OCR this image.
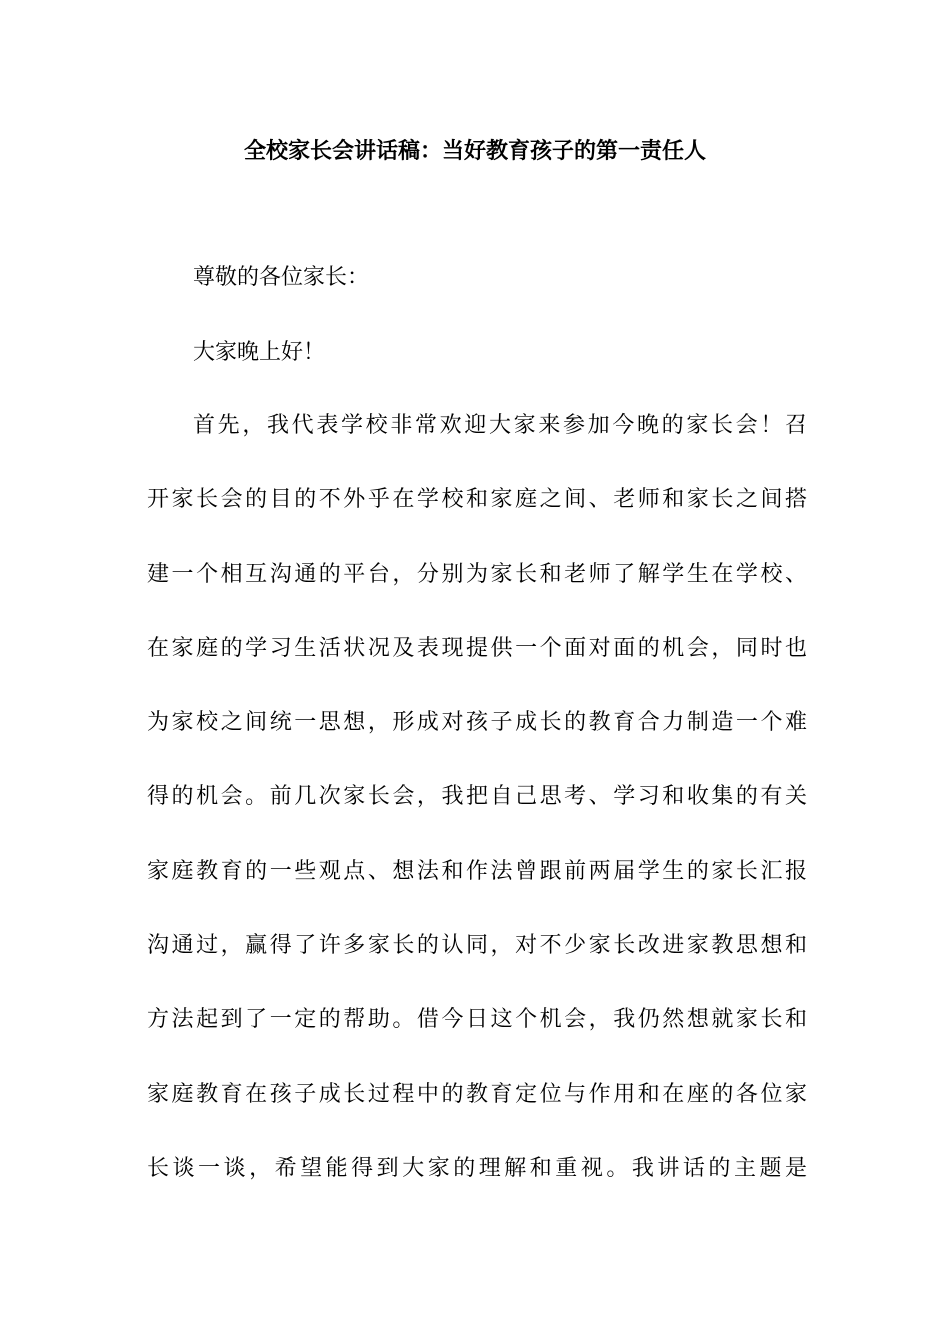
全校家长会讲话稿：当好教育孩子的第一责任人

尊敬的各位家长：

大家晚上好！

首先，我代表学校非常欢迎大家来参加今晚的家长会！召

开家长会的目的不外乎在学校和家庭之间、老师和家长之间搭

建一个相互沟通的平台，分别为家长和老师了解学生在学校、

在家庭的学习生活状况及表现提供一个面对面的机会，同时也

为家校之间统一思想，形成对孩子成长的教育合力制造一个难

得的机会。前几次家长会，我把自己思考、学习和收集的有关

家庭教育的一些观点、想法和作法曾跟前两届学生的家长汇报

沟通过，赢得了许多家长的认同，对不少家长改进家教思想和

方法起到了一定的帮助。借今日这个机会，我仍然想就家长和

家庭教育在孩子成长过程中的教育定位与作用和在座的各位家

长谈一谈，希望能得到大家的理解和重视。我讲话的主题是
